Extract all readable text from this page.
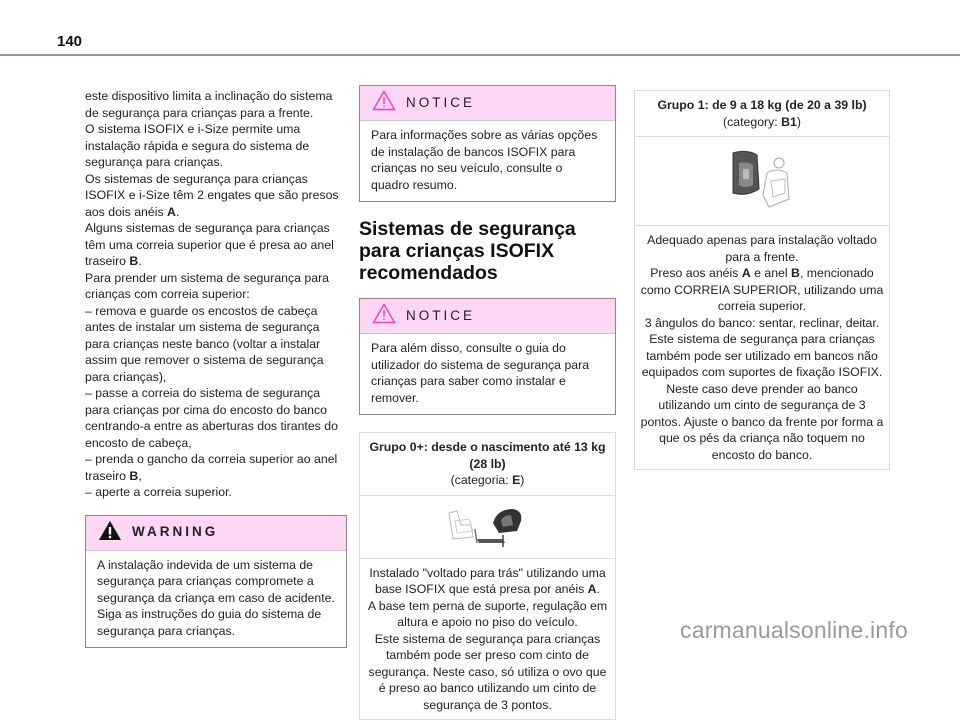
140

este dispositivo limita a inclinação do sistema de segurança para crianças para a frente.

O sistema ISOFIX e i-Size permite uma instalação rápida e segura do sistema de segurança para crianças.

Os sistemas de segurança para crianças ISOFIX e i-Size têm 2 engates que são presos aos dois anéis A.

Alguns sistemas de segurança para crianças têm uma correia superior que é presa ao anel traseiro B.

Para prender um sistema de segurança para crianças com correia superior:

– remova e guarde os encostos de cabeça antes de instalar um sistema de segurança para crianças neste banco (voltar a instalar assim que remover o sistema de segurança para crianças),

– passe a correia do sistema de segurança para crianças por cima do encosto do banco centrando-a entre as aberturas dos tirantes do encosto de cabeça,

– prenda o gancho da correia superior ao anel traseiro B,

– aperte a correia superior.

WARNING
A instalação indevida de um sistema de segurança para crianças compromete a segurança da criança em caso de acidente. Siga as instruções do guia do sistema de segurança para crianças.
NOTICE
Para informações sobre as várias opções de instalação de bancos ISOFIX para crianças no seu veículo, consulte o quadro resumo.
Sistemas de segurança para crianças ISOFIX recomendados
NOTICE
Para além disso, consulte o guia do utilizador do sistema de segurança para crianças para saber como instalar e remover.
Grupo 0+: desde o nascimento até 13 kg (28 lb)
(categoria: E)

Instalado "voltado para trás" utilizando uma base ISOFIX que está presa por anéis A.

A base tem perna de suporte, regulação em altura e apoio no piso do veículo.

Este sistema de segurança para crianças também pode ser preso com cinto de segurança. Neste caso, só utiliza o ovo que é preso ao banco utilizando um cinto de segurança de 3 pontos.

Grupo 1: de 9 a 18 kg (de 20 a 39 lb)
(category: B1)

Adequado apenas para instalação voltado para a frente.

Preso aos anéis A e anel B, mencionado como CORREIA SUPERIOR, utilizando uma correia superior.

3 ângulos do banco: sentar, reclinar, deitar.

Este sistema de segurança para crianças também pode ser utilizado em bancos não equipados com suportes de fixação ISOFIX. Neste caso deve prender ao banco utilizando um cinto de segurança de 3 pontos. Ajuste o banco da frente por forma a que os pés da criança não toquem no encosto do banco.

carmanualsonline.info
